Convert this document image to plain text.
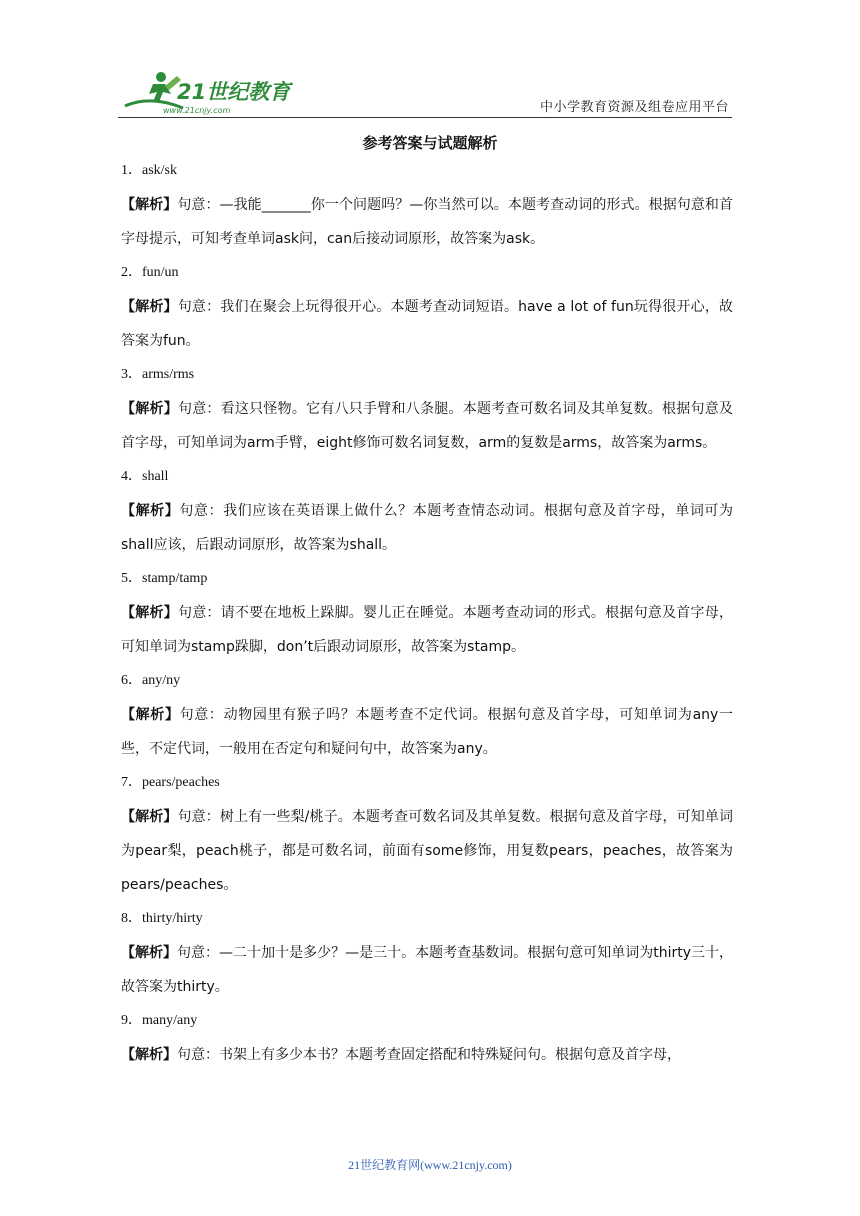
21世纪教育
www.21cnjy.com	中小学教育资源及组卷应用平台
参考答案与试题解析
1．ask/sk
【解析】句意：—我能_______你一个问题吗？—你当然可以。本题考查动词的形式。根据句意和首字母提示，可知考查单词ask问，can后接动词原形，故答案为ask。
2．fun/un
【解析】句意：我们在聚会上玩得很开心。本题考查动词短语。have a lot of fun玩得很开心，故答案为fun。
3．arms/rms
【解析】句意：看这只怪物。它有八只手臂和八条腿。本题考查可数名词及其单复数。根据句意及首字母，可知单词为arm手臂，eight修饰可数名词复数，arm的复数是arms，故答案为arms。
4．shall
【解析】句意：我们应该在英语课上做什么？本题考查情态动词。根据句意及首字母，单词可为shall应该，后跟动词原形，故答案为shall。
5．stamp/tamp
【解析】句意：请不要在地板上跺脚。婴儿正在睡觉。本题考查动词的形式。根据句意及首字母，可知单词为stamp跺脚，don’t后跟动词原形，故答案为stamp。
6．any/ny
【解析】句意：动物园里有猴子吗？本题考查不定代词。根据句意及首字母，可知单词为any一些，不定代词，一般用在否定句和疑问句中，故答案为any。
7．pears/peaches
【解析】句意：树上有一些梨/桃子。本题考查可数名词及其单复数。根据句意及首字母，可知单词为pear梨，peach桃子，都是可数名词，前面有some修饰，用复数pears，peaches，故答案为pears/peaches。
8．thirty/hirty
【解析】句意：—二十加十是多少？—是三十。本题考查基数词。根据句意可知单词为thirty三十，故答案为thirty。
9．many/any
【解析】句意：书架上有多少本书？本题考查固定搭配和特殊疑问句。根据句意及首字母，
21世纪教育网(www.21cnjy.com)
